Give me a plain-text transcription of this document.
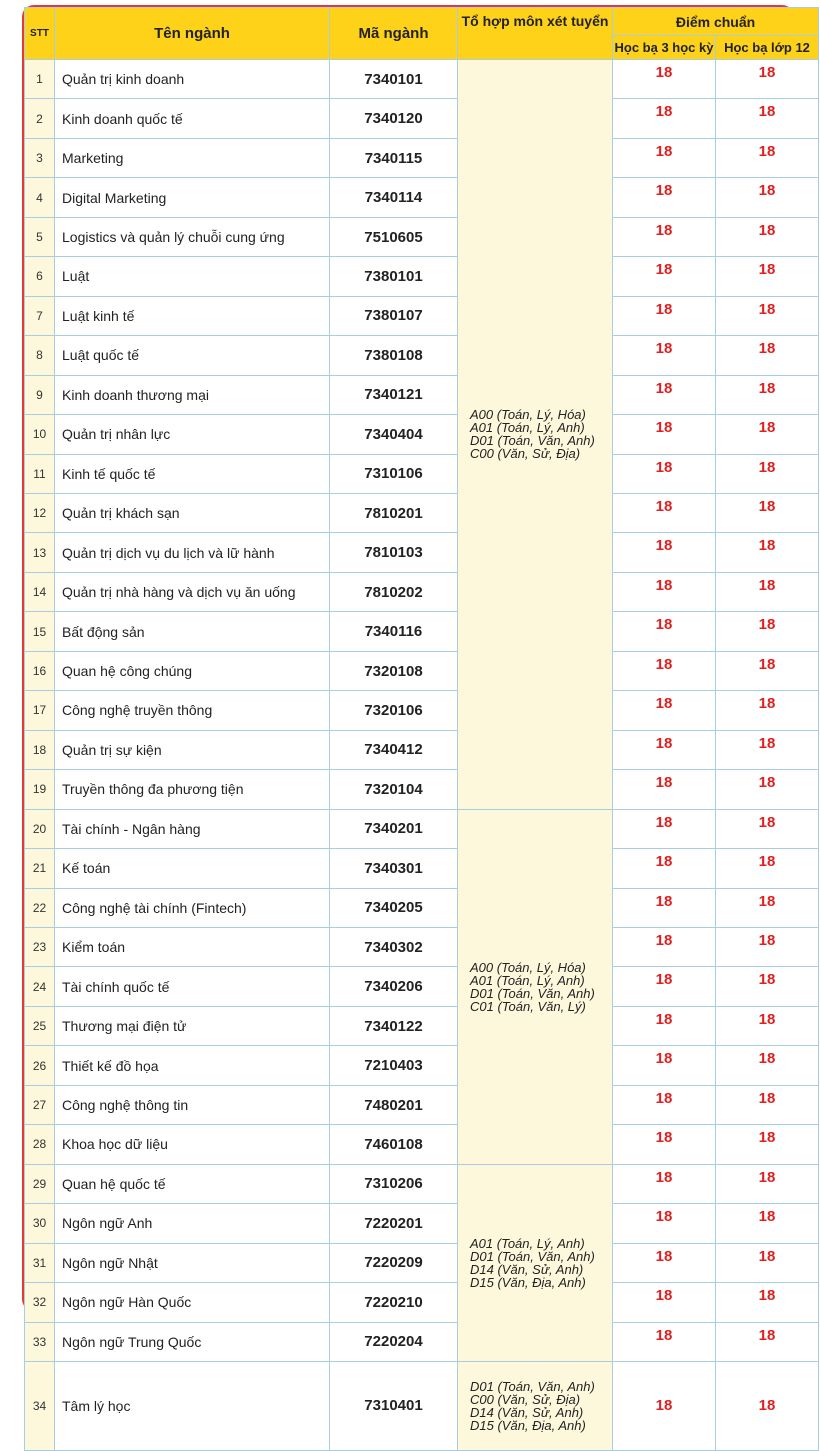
STT	Tên ngành	Mã ngành	Tổ hợp môn xét tuyển	Điểm chuẩn	
				Học bạ 3 học kỳ	Học bạ lớp 12
1	Quản trị kinh doanh	7340101	A00 (Toán, Lý, Hóa)
A01 (Toán, Lý, Anh)
D01 (Toán, Văn, Anh)
C00 (Văn, Sử, Địa)	18	18
2	Kinh doanh quốc tế	7340120		18	18
3	Marketing	7340115		18	18
4	Digital Marketing	7340114		18	18
5	Logistics và quản lý chuỗi cung ứng	7510605		18	18
6	Luật	7380101		18	18
7	Luật kinh tế	7380107		18	18
8	Luật quốc tế	7380108		18	18
9	Kinh doanh thương mại	7340121		18	18
10	Quản trị nhân lực	7340404		18	18
11	Kinh tế quốc tế	7310106		18	18
12	Quản trị khách sạn	7810201		18	18
13	Quản trị dịch vụ du lịch và lữ hành	7810103		18	18
14	Quản trị nhà hàng và dịch vụ ăn uống	7810202		18	18
15	Bất động sản	7340116		18	18
16	Quan hệ công chúng	7320108		18	18
17	Công nghệ truyền thông	7320106		18	18
18	Quản trị sự kiện	7340412		18	18
19	Truyền thông đa phương tiện	7320104		18	18
20	Tài chính - Ngân hàng	7340201	A00 (Toán, Lý, Hóa)
A01 (Toán, Lý, Anh)
D01 (Toán, Văn, Anh)
C01 (Toán, Văn, Lý)	18	18
21	Kế toán	7340301		18	18
22	Công nghệ tài chính (Fintech)	7340205		18	18
23	Kiểm toán	7340302		18	18
24	Tài chính quốc tế	7340206		18	18
25	Thương mại điện tử	7340122		18	18
26	Thiết kế đồ họa	7210403		18	18
27	Công nghệ thông tin	7480201		18	18
28	Khoa học dữ liệu	7460108		18	18
29	Quan hệ quốc tế	7310206	A01 (Toán, Lý, Anh)
D01 (Toán, Văn, Anh)
D14 (Văn, Sử, Anh)
D15 (Văn, Địa, Anh)	18	18
30	Ngôn ngữ Anh	7220201		18	18
31	Ngôn ngữ Nhật	7220209		18	18
32	Ngôn ngữ Hàn Quốc	7220210		18	18
33	Ngôn ngữ Trung Quốc	7220204		18	18
34	Tâm lý học	7310401	D01 (Toán, Văn, Anh)
C00 (Văn, Sử, Địa)
D14 (Văn, Sử, Anh)
D15 (Văn, Địa, Anh)	18	18
